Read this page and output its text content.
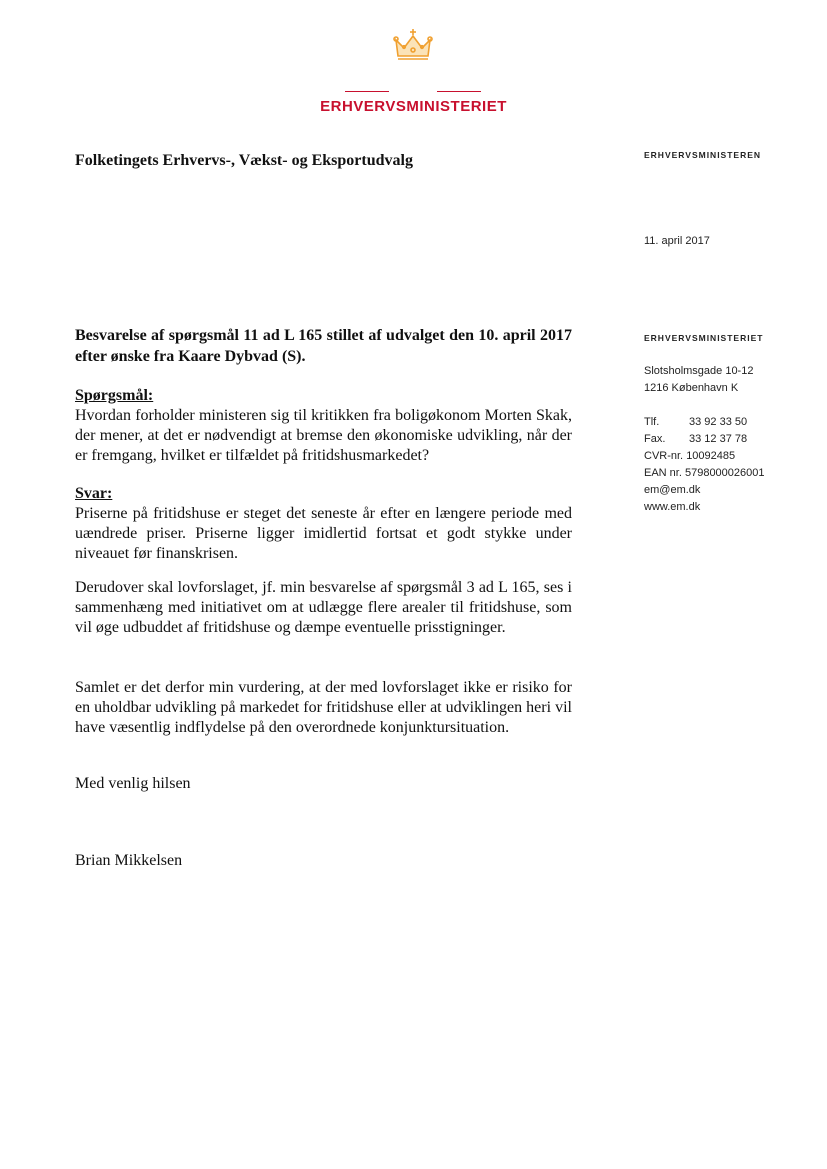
ERHVERVSMINISTERIET
Folketingets Erhvervs-, Vækst- og Eksportudvalg	ERHVERVSMINISTEREN
11. april 2017
ERHVERVSMINISTERIET
Slotsholmsgade 10-12
1216 København K
Tlf.	33 92 33 50
Fax. 33 12 37 78
CVR-nr. 10092485
EAN nr. 5798000026001
em@em.dk
www.em.dk
Besvarelse af spørgsmål 11 ad L 165 stillet af udvalget den 10. april 2017 efter ønske fra Kaare Dybvad (S).
Spørgsmål:
Hvordan forholder ministeren sig til kritikken fra boligøkonom Morten Skak, der mener, at det er nødvendigt at bremse den økonomiske udvikling, når der er fremgang, hvilket er tilfældet på fritidshusmarkedet?
Svar:
Priserne på fritidshuse er steget det seneste år efter en længere periode med uændrede priser. Priserne ligger imidlertid fortsat et godt stykke under niveauet før finanskrisen.
Derudover skal lovforslaget, jf. min besvarelse af spørgsmål 3 ad L 165, ses i sammenhæng med initiativet om at udlægge flere arealer til fritidshuse, som vil øge udbuddet af fritidshuse og dæmpe eventuelle prisstigninger.
Samlet er det derfor min vurdering, at der med lovforslaget ikke er risiko for en uholdbar udvikling på markedet for fritidshuse eller at udviklingen heri vil have væsentlig indflydelse på den overordnede konjunktursituation.
Med venlig hilsen
Brian Mikkelsen
